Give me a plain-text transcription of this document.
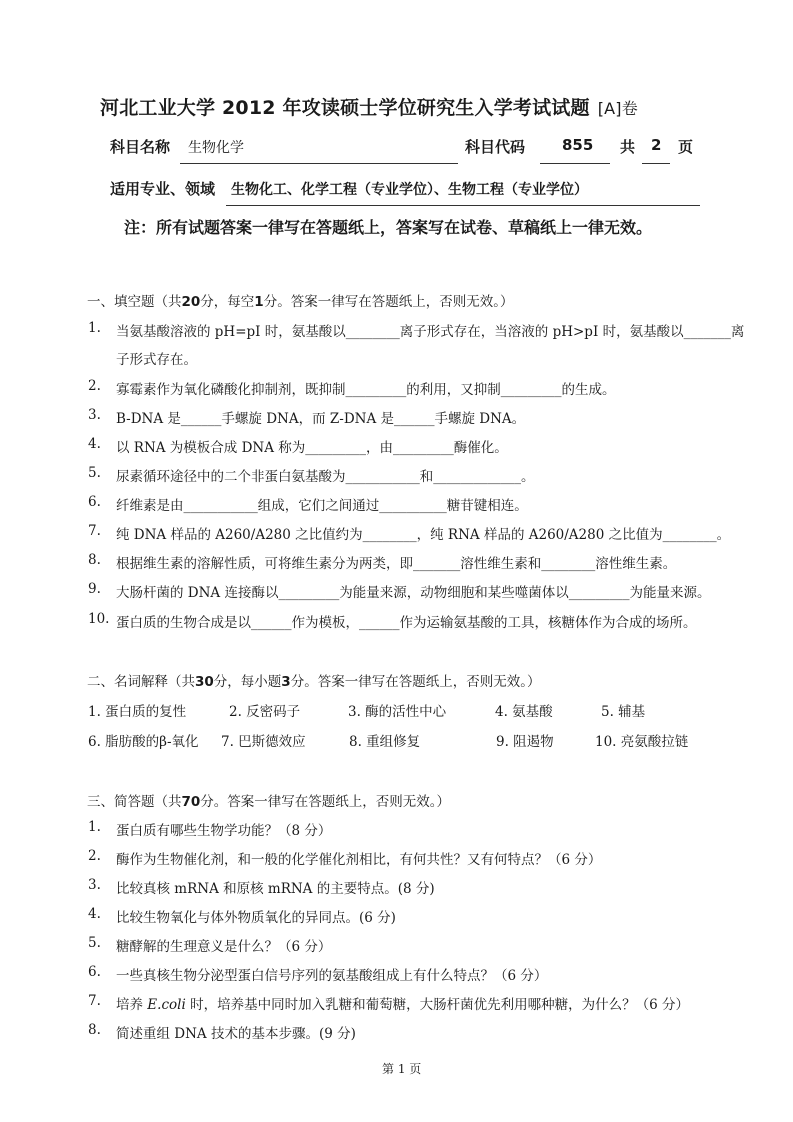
河北工业大学 2012 年攻读硕士学位研究生入学考试试题 [A]卷
科目名称 生物化学	科目代码 855 共 2 页
适用专业、领域 生物化工、化学工程（专业学位）、生物工程（专业学位）
注：所有试题答案一律写在答题纸上，答案写在试卷、草稿纸上一律无效。
一、填空题（共20分，每空1分。答案一律写在答题纸上，否则无效。）
1.	当氨基酸溶液的 pH=pI 时，氨基酸以________离子形式存在，当溶液的 pH>pI 时，氨基酸以_______离
子形式存在。
2.	寡霉素作为氧化磷酸化抑制剂，既抑制_________的利用，又抑制_________的生成。
3.	B-DNA 是______手螺旋 DNA，而 Z-DNA 是______手螺旋 DNA。
4.	以 RNA 为模板合成 DNA 称为_________，由_________酶催化。
5.	尿素循环途径中的二个非蛋白氨基酸为___________和_____________。
6.	纤维素是由___________组成，它们之间通过__________糖苷键相连。
7.	纯 DNA 样品的 A260/A280 之比值约为________，纯 RNA 样品的 A260/A280 之比值为________。
8.	根据维生素的溶解性质，可将维生素分为两类，即_______溶性维生素和________溶性维生素。
9.	大肠杆菌的 DNA 连接酶以_________为能量来源，动物细胞和某些噬菌体以_________为能量来源。
10. 蛋白质的生物合成是以______作为模板，______作为运输氨基酸的工具，核糖体作为合成的场所。
二、名词解释（共30分，每小题3分。答案一律写在答题纸上，否则无效。）
1. 蛋白质的复性	2. 反密码子	3. 酶的活性中心	4. 氨基酸	5. 辅基
6. 脂肪酸的β-氧化 7. 巴斯德效应	8. 重组修复	9. 阻遏物	10. 亮氨酸拉链
三、简答题（共70分。答案一律写在答题纸上，否则无效。）
1.	蛋白质有哪些生物学功能？（8 分）
2.	酶作为生物催化剂，和一般的化学催化剂相比，有何共性？又有何特点？（6 分）
3.	比较真核 mRNA 和原核 mRNA 的主要特点。(8 分)
4.	比较生物氧化与体外物质氧化的异同点。(6 分)
5.	糖酵解的生理意义是什么？（6 分）
6.	一些真核生物分泌型蛋白信号序列的氨基酸组成上有什么特点？（6 分）
7.	培养 E.coli 时，培养基中同时加入乳糖和葡萄糖，大肠杆菌优先利用哪种糖，为什么？（6 分）
8.	简述重组 DNA 技术的基本步骤。(9 分)
第 1 页
